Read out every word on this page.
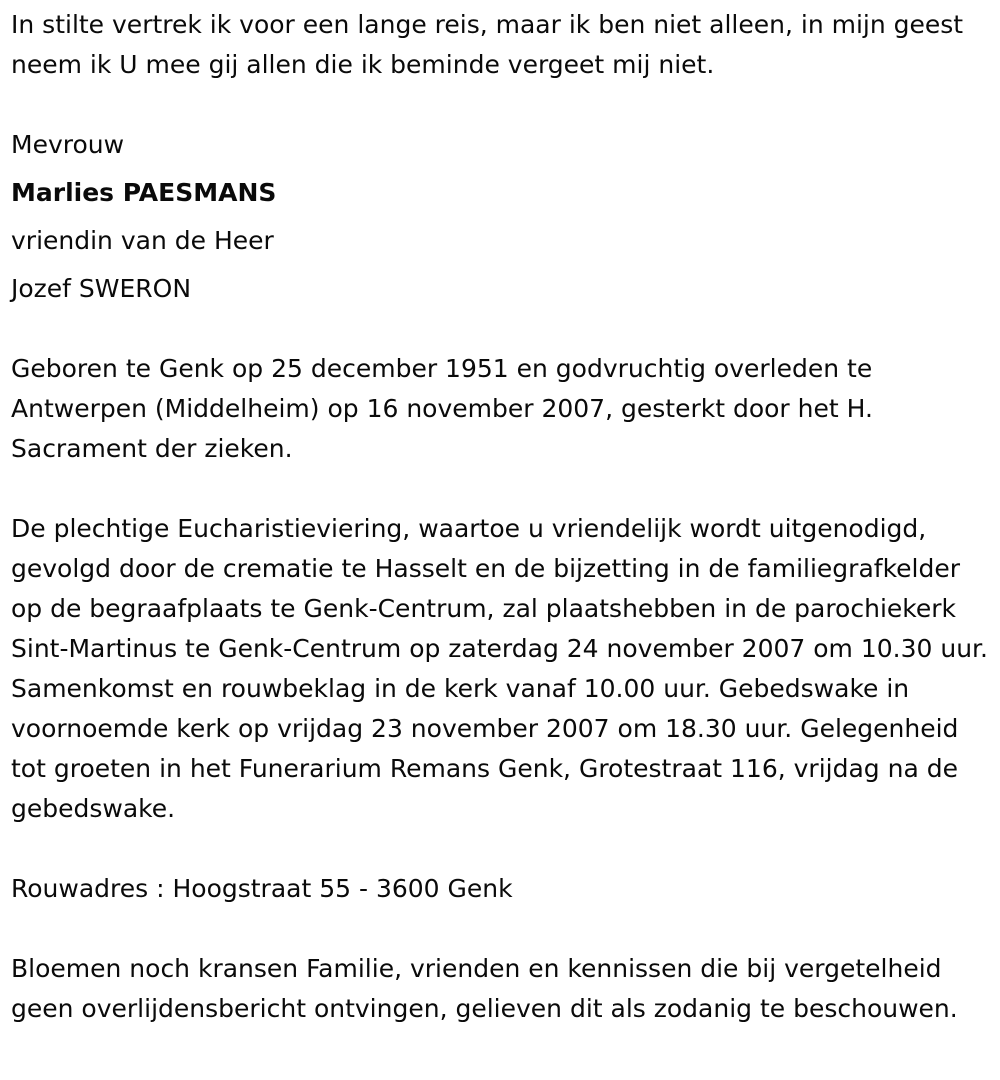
In stilte vertrek ik voor een lange reis, maar ik ben niet alleen, in mijn geest neem ik U mee gij allen die ik beminde vergeet mij niet.

Mevrouw
Marlies PAESMANS
vriendin van de Heer
Jozef SWERON

Geboren te Genk op 25 december 1951 en godvruchtig overleden te Antwerpen (Middelheim) op 16 november 2007, gesterkt door het H. Sacrament der zieken.

De plechtige Eucharistieviering, waartoe u vriendelijk wordt uitgenodigd, gevolgd door de crematie te Hasselt en de bijzetting in de familiegrafkelder op de begraafplaats te Genk-Centrum, zal plaatshebben in de parochiekerk Sint-Martinus te Genk-Centrum op zaterdag 24 november 2007 om 10.30 uur. Samenkomst en rouwbeklag in de kerk vanaf 10.00 uur. Gebedswake in voornoemde kerk op vrijdag 23 november 2007 om 18.30 uur. Gelegenheid tot groeten in het Funerarium Remans Genk, Grotestraat 116, vrijdag na de gebedswake.

Rouwadres : Hoogstraat 55 - 3600 Genk

Bloemen noch kransen Familie, vrienden en kennissen die bij vergetelheid geen overlijdensbericht ontvingen, gelieven dit als zodanig te beschouwen.
